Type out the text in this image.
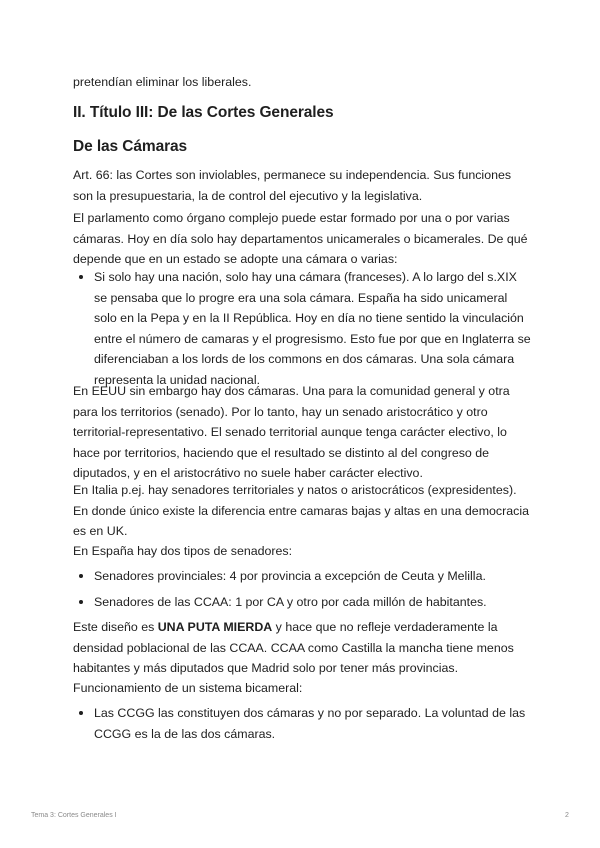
pretendían eliminar los liberales.

II. Título III: De las Cortes Generales
De las Cámaras

Art. 66: las Cortes son inviolables, permanece su independencia. Sus funciones son la presupuestaria, la de control del ejecutivo y la legislativa.

El parlamento como órgano complejo puede estar formado por una o por varias cámaras. Hoy en día solo hay departamentos unicamerales o bicamerales. De qué depende que en un estado se adopte una cámara o varias:

Si solo hay una nación, solo hay una cámara (franceses). A lo largo del s.XIX se pensaba que lo progre era una sola cámara. España ha sido unicameral solo en la Pepa y en la II República. Hoy en día no tiene sentido la vinculación entre el número de camaras y el progresismo. Esto fue por que en Inglaterra se diferenciaban a los lords de los commons en dos cámaras. Una sola cámara representa la unidad nacional.

En EEUU sin embargo hay dos cámaras. Una para la comunidad general y otra para los territorios (senado). Por lo tanto, hay un senado aristocrático y otro territorial-representativo. El senado territorial aunque tenga carácter electivo, lo hace por territorios, haciendo que el resultado se distinto al del congreso de diputados, y en el aristocrátivo no suele haber carácter electivo.

En Italia p.ej. hay senadores territoriales y natos o aristocráticos (expresidentes). En donde único existe la diferencia entre camaras bajas y altas en una democracia es en UK.

En España hay dos tipos de senadores:

Senadores provinciales: 4 por provincia a excepción de Ceuta y Melilla.
Senadores de las CCAA: 1 por CA y otro por cada millón de habitantes.

Este diseño es UNA PUTA MIERDA y hace que no refleje verdaderamente la densidad poblacional de las CCAA. CCAA como Castilla la mancha tiene menos habitantes y más diputados que Madrid solo por tener más provincias.

Funcionamiento de un sistema bicameral:

Las CCGG las constituyen dos cámaras y no por separado. La voluntad de las CCGG es la de las dos cámaras.
Tema 3: Cortes Generales I	2
